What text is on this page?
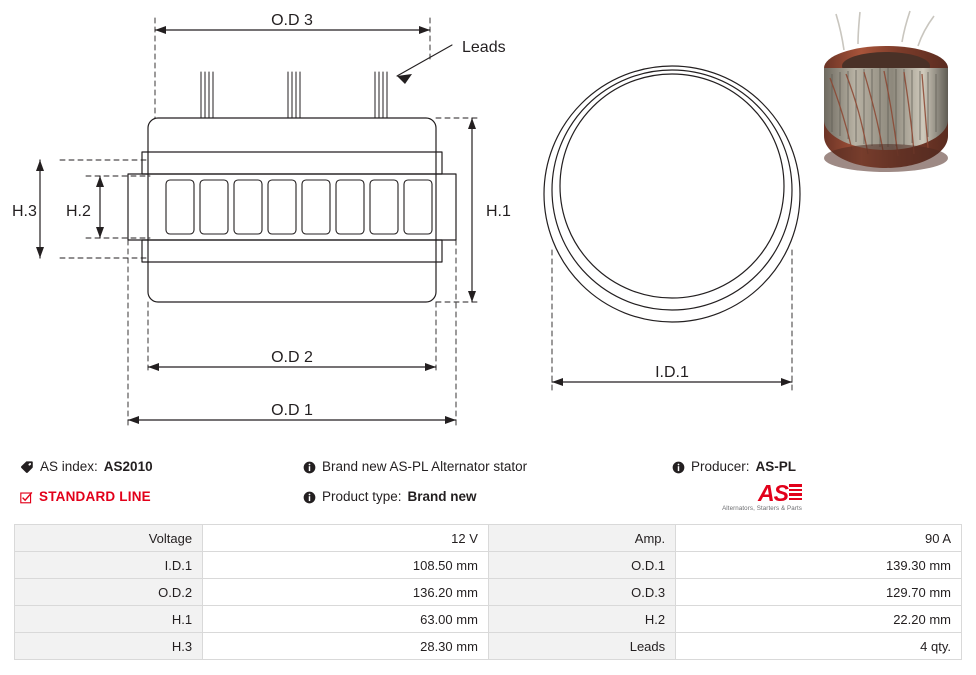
O.D 3
O.D 2
O.D 1
Leads
H.1
H.2
H.3
I.D.1
AS index: AS2010
STANDARD LINE
Brand new AS-PL Alternator stator
Product type: Brand new
Producer: AS-PL
AS
Alternators, Starters & Parts
Voltage	12 V	Amp.	90 A
I.D.1	108.50 mm	O.D.1	139.30 mm
O.D.2	136.20 mm	O.D.3	129.70 mm
H.1	63.00 mm	H.2	22.20 mm
H.3	28.30 mm	Leads	4 qty.
